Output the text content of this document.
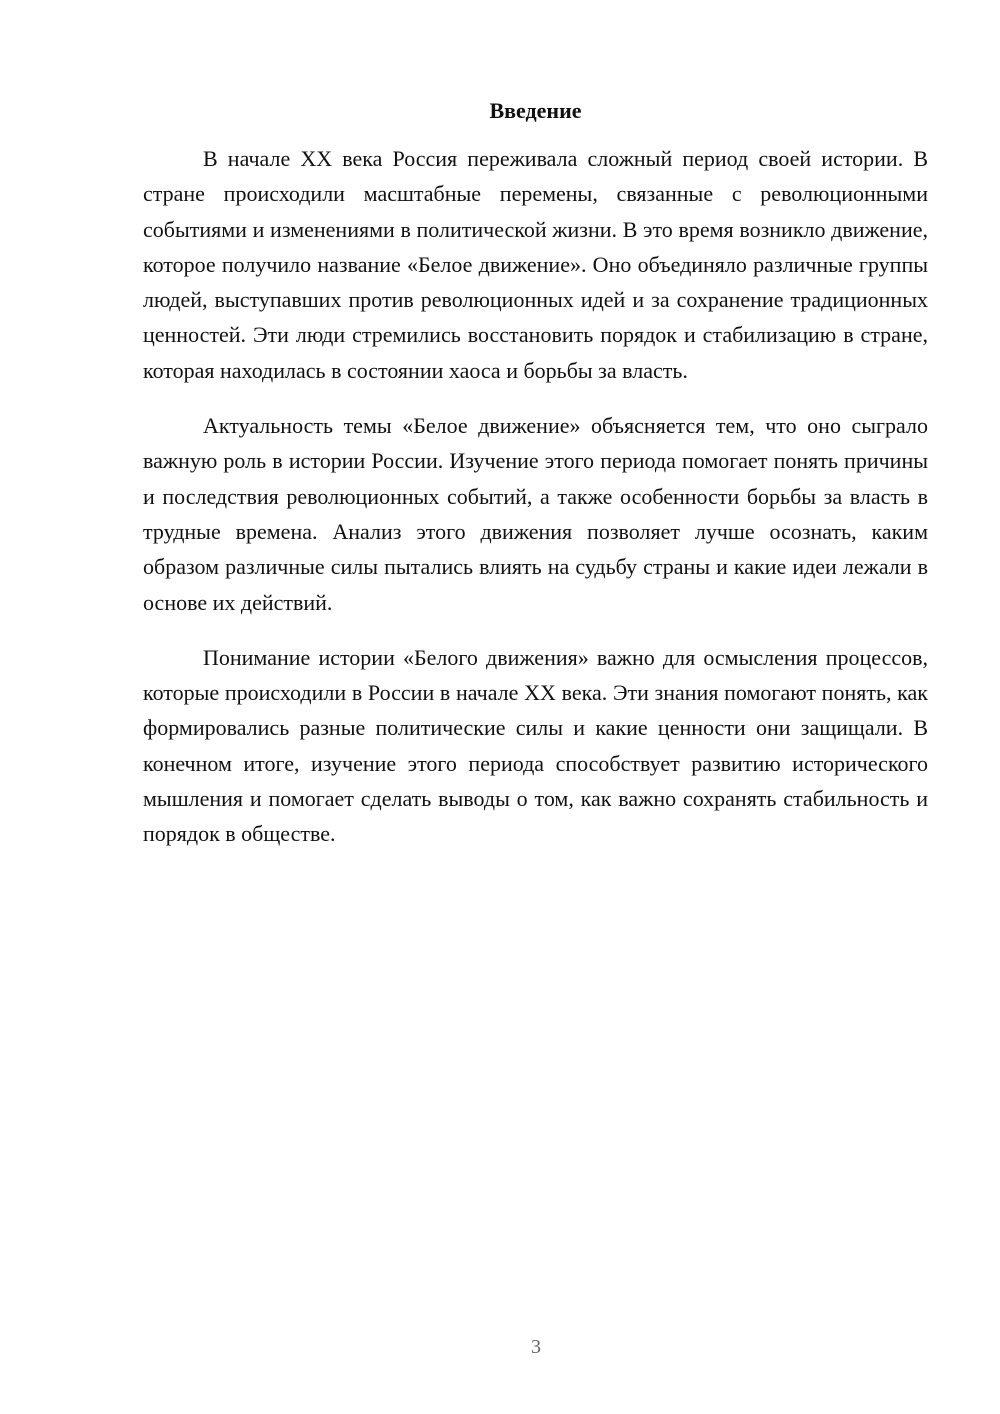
Введение

В начале XX века Россия переживала сложный период своей истории. В стране происходили масштабные перемены, связанные с революционными событиями и изменениями в политической жизни. В это время возникло движение, которое получило название «Белое движение». Оно объединяло различные группы людей, выступавших против революционных идей и за сохранение традиционных ценностей. Эти люди стремились восстановить порядок и стабилизацию в стране, которая находилась в состоянии хаоса и борьбы за власть.

Актуальность темы «Белое движение» объясняется тем, что оно сыграло важную роль в истории России. Изучение этого периода помогает понять причины и последствия революционных событий, а также особенности борьбы за власть в трудные времена. Анализ этого движения позволяет лучше осознать, каким образом различные силы пытались влиять на судьбу страны и какие идеи лежали в основе их действий.

Понимание истории «Белого движения» важно для осмысления процессов, которые происходили в России в начале XX века. Эти знания помогают понять, как формировались разные политические силы и какие ценности они защищали. В конечном итоге, изучение этого периода способствует развитию исторического мышления и помогает сделать выводы о том, как важно сохранять стабильность и порядок в обществе.

3
